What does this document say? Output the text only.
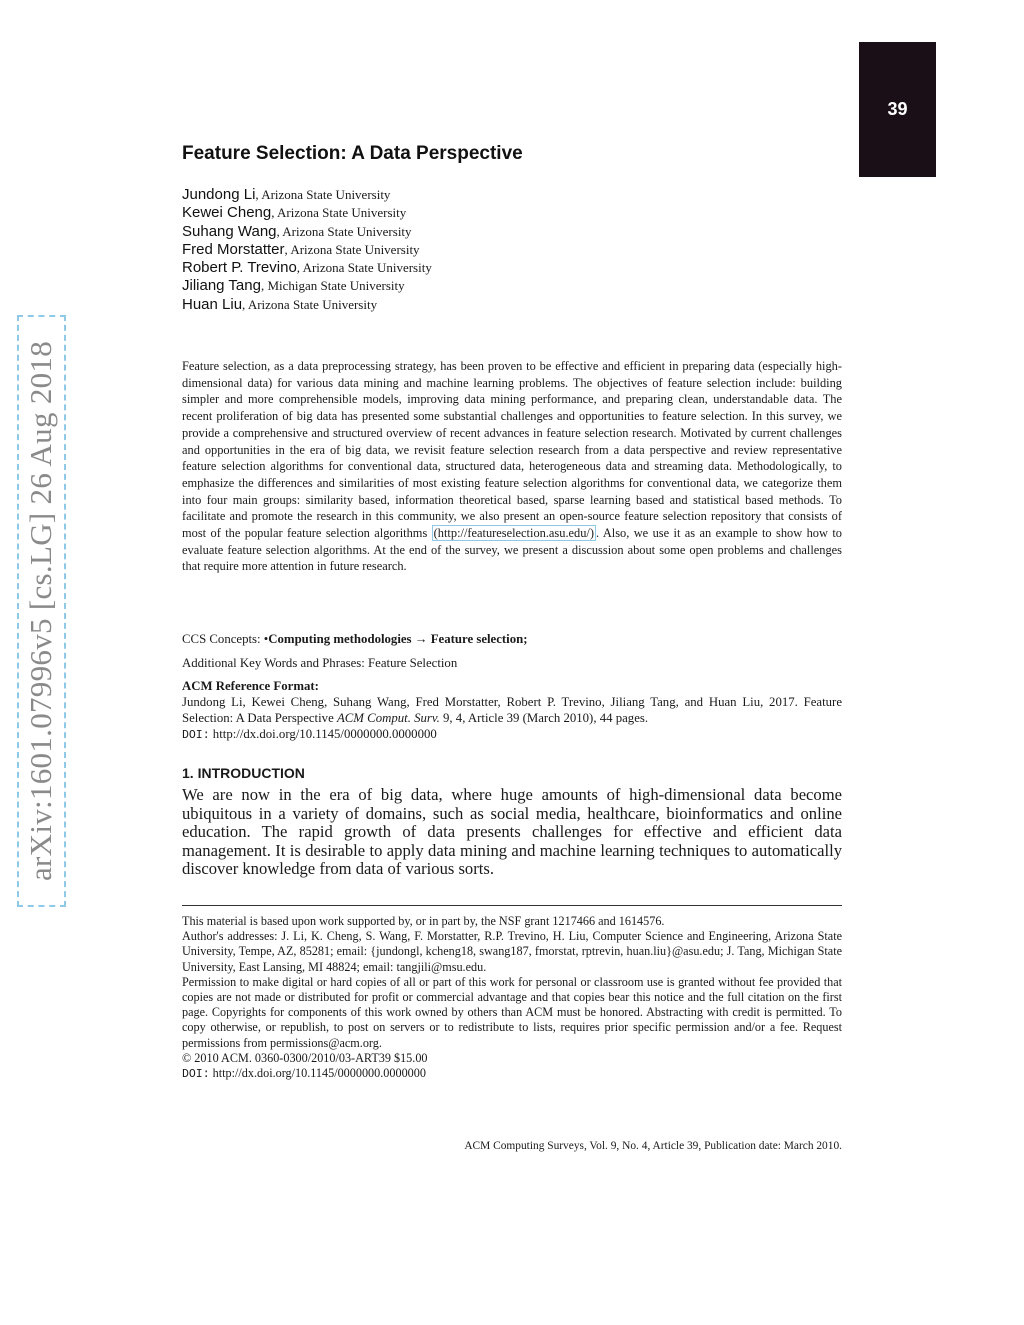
39
arXiv:1601.07996v5 [cs.LG] 26 Aug 2018
Feature Selection: A Data Perspective
Jundong Li, Arizona State University
Kewei Cheng, Arizona State University
Suhang Wang, Arizona State University
Fred Morstatter, Arizona State University
Robert P. Trevino, Arizona State University
Jiliang Tang, Michigan State University
Huan Liu, Arizona State University
Feature selection, as a data preprocessing strategy, has been proven to be effective and efficient in preparing data (especially high-dimensional data) for various data mining and machine learning problems. The objectives of feature selection include: building simpler and more comprehensible models, improving data mining performance, and preparing clean, understandable data. The recent proliferation of big data has presented some substantial challenges and opportunities to feature selection. In this survey, we provide a comprehensive and structured overview of recent advances in feature selection research. Motivated by current challenges and opportunities in the era of big data, we revisit feature selection research from a data perspective and review representative feature selection algorithms for conventional data, structured data, heterogeneous data and streaming data. Methodologically, to emphasize the differences and similarities of most existing feature selection algorithms for conventional data, we categorize them into four main groups: similarity based, information theoretical based, sparse learning based and statistical based methods. To facilitate and promote the research in this community, we also present an open-source feature selection repository that consists of most of the popular feature selection algorithms (http://featureselection.asu.edu/) . Also, we use it as an example to show how to evaluate feature selection algorithms. At the end of the survey, we present a discussion about some open problems and challenges that require more attention in future research.
CCS Concepts: •Computing methodologies → Feature selection;
Additional Key Words and Phrases: Feature Selection
ACM Reference Format:
Jundong Li, Kewei Cheng, Suhang Wang, Fred Morstatter, Robert P. Trevino, Jiliang Tang, and Huan Liu, 2017. Feature Selection: A Data Perspective ACM Comput. Surv. 9, 4, Article 39 (March 2010), 44 pages.
DOI: http://dx.doi.org/10.1145/0000000.0000000
1. INTRODUCTION
We are now in the era of big data, where huge amounts of high-dimensional data become ubiquitous in a variety of domains, such as social media, healthcare, bioinformatics and online education. The rapid growth of data presents challenges for effective and efficient data management. It is desirable to apply data mining and machine learning techniques to automatically discover knowledge from data of various sorts.

This material is based upon work supported by, or in part by, the NSF grant 1217466 and 1614576.

Author's addresses: J. Li, K. Cheng, S. Wang, F. Morstatter, R.P. Trevino, H. Liu, Computer Science and Engineering, Arizona State University, Tempe, AZ, 85281; email: {jundongl, kcheng18, swang187, fmorstat, rptrevin, huan.liu}@asu.edu; J. Tang, Michigan State University, East Lansing, MI 48824; email: tangjili@msu.edu.

Permission to make digital or hard copies of all or part of this work for personal or classroom use is granted without fee provided that copies are not made or distributed for profit or commercial advantage and that copies bear this notice and the full citation on the first page. Copyrights for components of this work owned by others than ACM must be honored. Abstracting with credit is permitted. To copy otherwise, or republish, to post on servers or to redistribute to lists, requires prior specific permission and/or a fee. Request permissions from permissions@acm.org.

© 2010 ACM. 0360-0300/2010/03-ART39 $15.00

DOI: http://dx.doi.org/10.1145/0000000.0000000

ACM Computing Surveys, Vol. 9, No. 4, Article 39, Publication date: March 2010.
